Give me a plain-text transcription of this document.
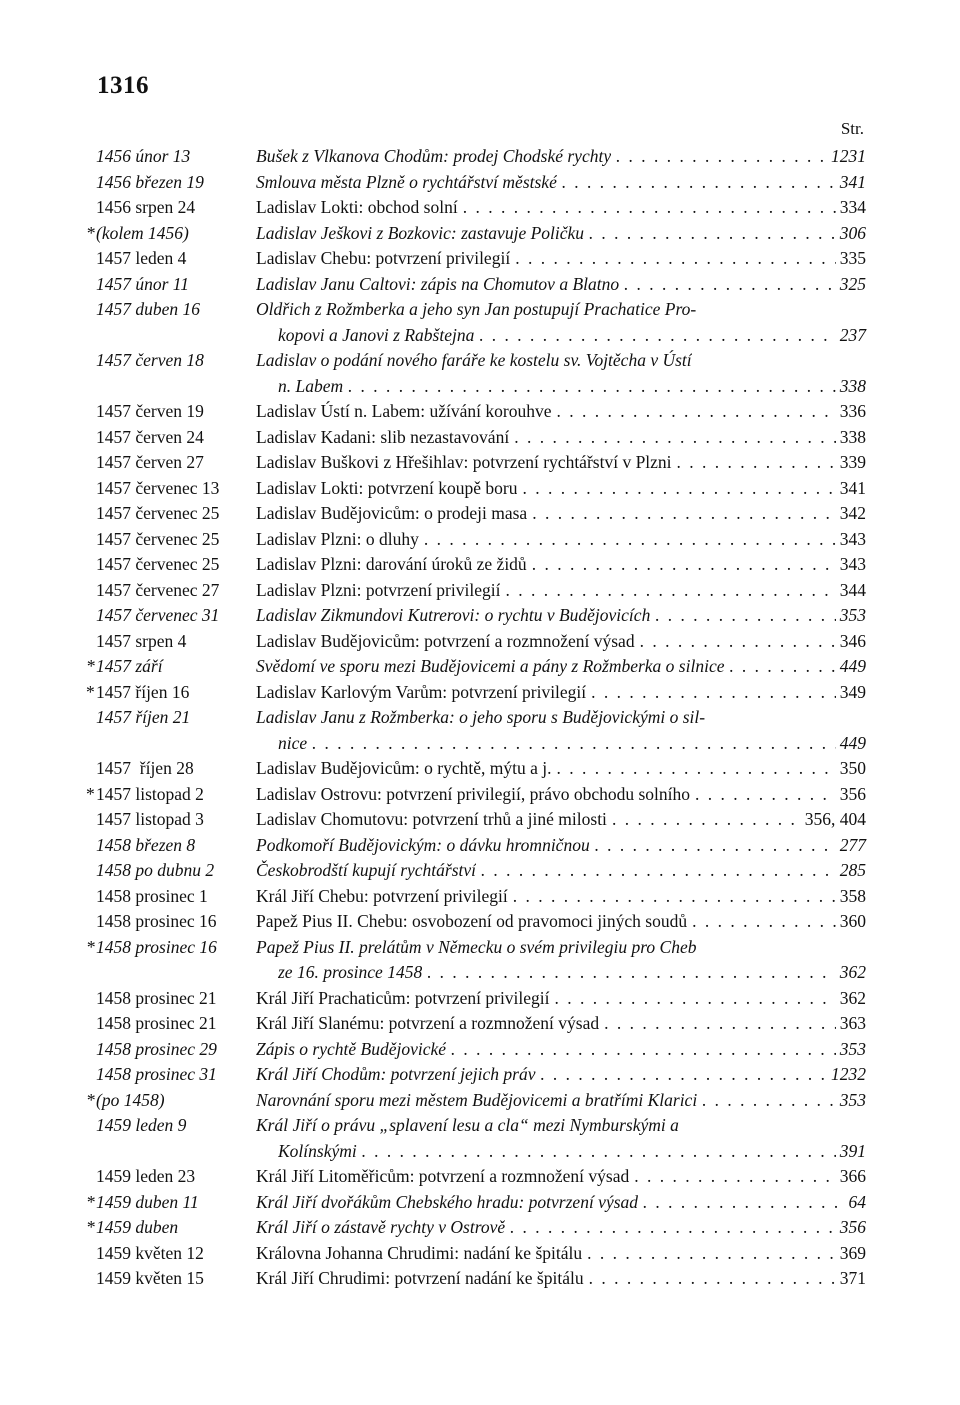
1316
Str.
1456 únor 13	Bušek z Vlkanova Chodům: prodej Chodské rychty . . .	1231
1456 březen 19	Smlouva města Plzně o rychtářství městské . . .	341
1456 srpen 24	Ladislav Lokti: obchod solní . . .	334
*(kolem 1456)	Ladislav Ješkovi z Bozkovic: zastavuje Poličku . . .	306
1457 leden 4	Ladislav Chebu: potvrzení privilegií . . .	335
1457 únor 11	Ladislav Janu Caltovi: zápis na Chomutov a Blatno . . .	325
1457 duben 16	Oldřich z Rožmberka a jeho syn Jan postupují Prachatice Pro-
kopovi a Janovi z Rabštejna . . .	237
1457 červen 18	Ladislav o podání nového faráře ke kostelu sv. Vojtěcha v Ústí
n. Labem . . .	338
1457 červen 19	Ladislav Ústí n. Labem: užívání korouhve . . .	336
1457 červen 24	Ladislav Kadani: slib nezastavování . . .	338
1457 červen 27	Ladislav Buškovi z Hřešihlav: potvrzení rychtářství v Plzni . . .	339
1457 červenec 13	Ladislav Lokti: potvrzení koupě boru . . .	341
1457 červenec 25	Ladislav Budějovicům: o prodeji masa . . .	342
1457 červenec 25	Ladislav Plzni: o dluhy . . .	343
1457 červenec 25	Ladislav Plzni: darování úroků ze židů . . .	343
1457 červenec 27	Ladislav Plzni: potvrzení privilegií . . .	344
1457 červenec 31	Ladislav Zikmundovi Kutrerovi: o rychtu v Budějovicích . . .	353
1457 srpen 4	Ladislav Budějovicům: potvrzení a rozmnožení výsad . . .	346
*1457 září	Svědomí ve sporu mezi Budějovicemi a pány z Rožmberka o silnice . . .	449
*1457 říjen 16	Ladislav Karlovým Varům: potvrzení privilegií . . .	349
1457 říjen 21	Ladislav Janu z Rožmberka: o jeho sporu s Budějovickými o sil-
nice . . .	449
1457  říjen 28	Ladislav Budějovicům: o rychtě, mýtu a j. . . .	350
*1457 listopad 2	Ladislav Ostrovu: potvrzení privilegií, právo obchodu solního . . .	356
1457 listopad 3	Ladislav Chomutovu: potvrzení trhů a jiné milosti . . .	356, 404
1458 březen 8	Podkomoří Budějovickým: o dávku hromničnou . . .	277
1458 po dubnu 2	Českobrodští kupují rychtářství . . .	285
1458 prosinec 1	Král Jiří Chebu: potvrzení privilegií . . .	358
1458 prosinec 16	Papež Pius II. Chebu: osvobození od pravomoci jiných soudů . . .	360
*1458 prosinec 16	Papež Pius II. prelátům v Německu o svém privilegiu pro Cheb
ze 16. prosince 1458 . . .	362
1458 prosinec 21	Král Jiří Prachaticům: potvrzení privilegií . . .	362
1458 prosinec 21	Král Jiří Slanému: potvrzení a rozmnožení výsad . . .	363
1458 prosinec 29	Zápis o rychtě Budějovické . . .	353
1458 prosinec 31	Král Jiří Chodům: potvrzení jejich práv . . .	1232
*(po 1458)	Narovnání sporu mezi městem Budějovicemi a bratřími Klarici . . .	353
1459 leden 9	Král Jiří o právu „splavení lesu a cla“ mezi Nymburskými a
Kolínskými . . .	391
1459 leden 23	Král Jiří Litoměřicům: potvrzení a rozmnožení výsad . . .	366
*1459 duben 11	Král Jiří dvořákům Chebského hradu: potvrzení výsad . . .	64
*1459 duben	Král Jiří o zástavě rychty v Ostrově . . .	356
1459 květen 12	Královna Johanna Chrudimi: nadání ke špitálu . . .	369
1459 květen 15	Král Jiří Chrudimi: potvrzení nadání ke špitálu . . .	371
